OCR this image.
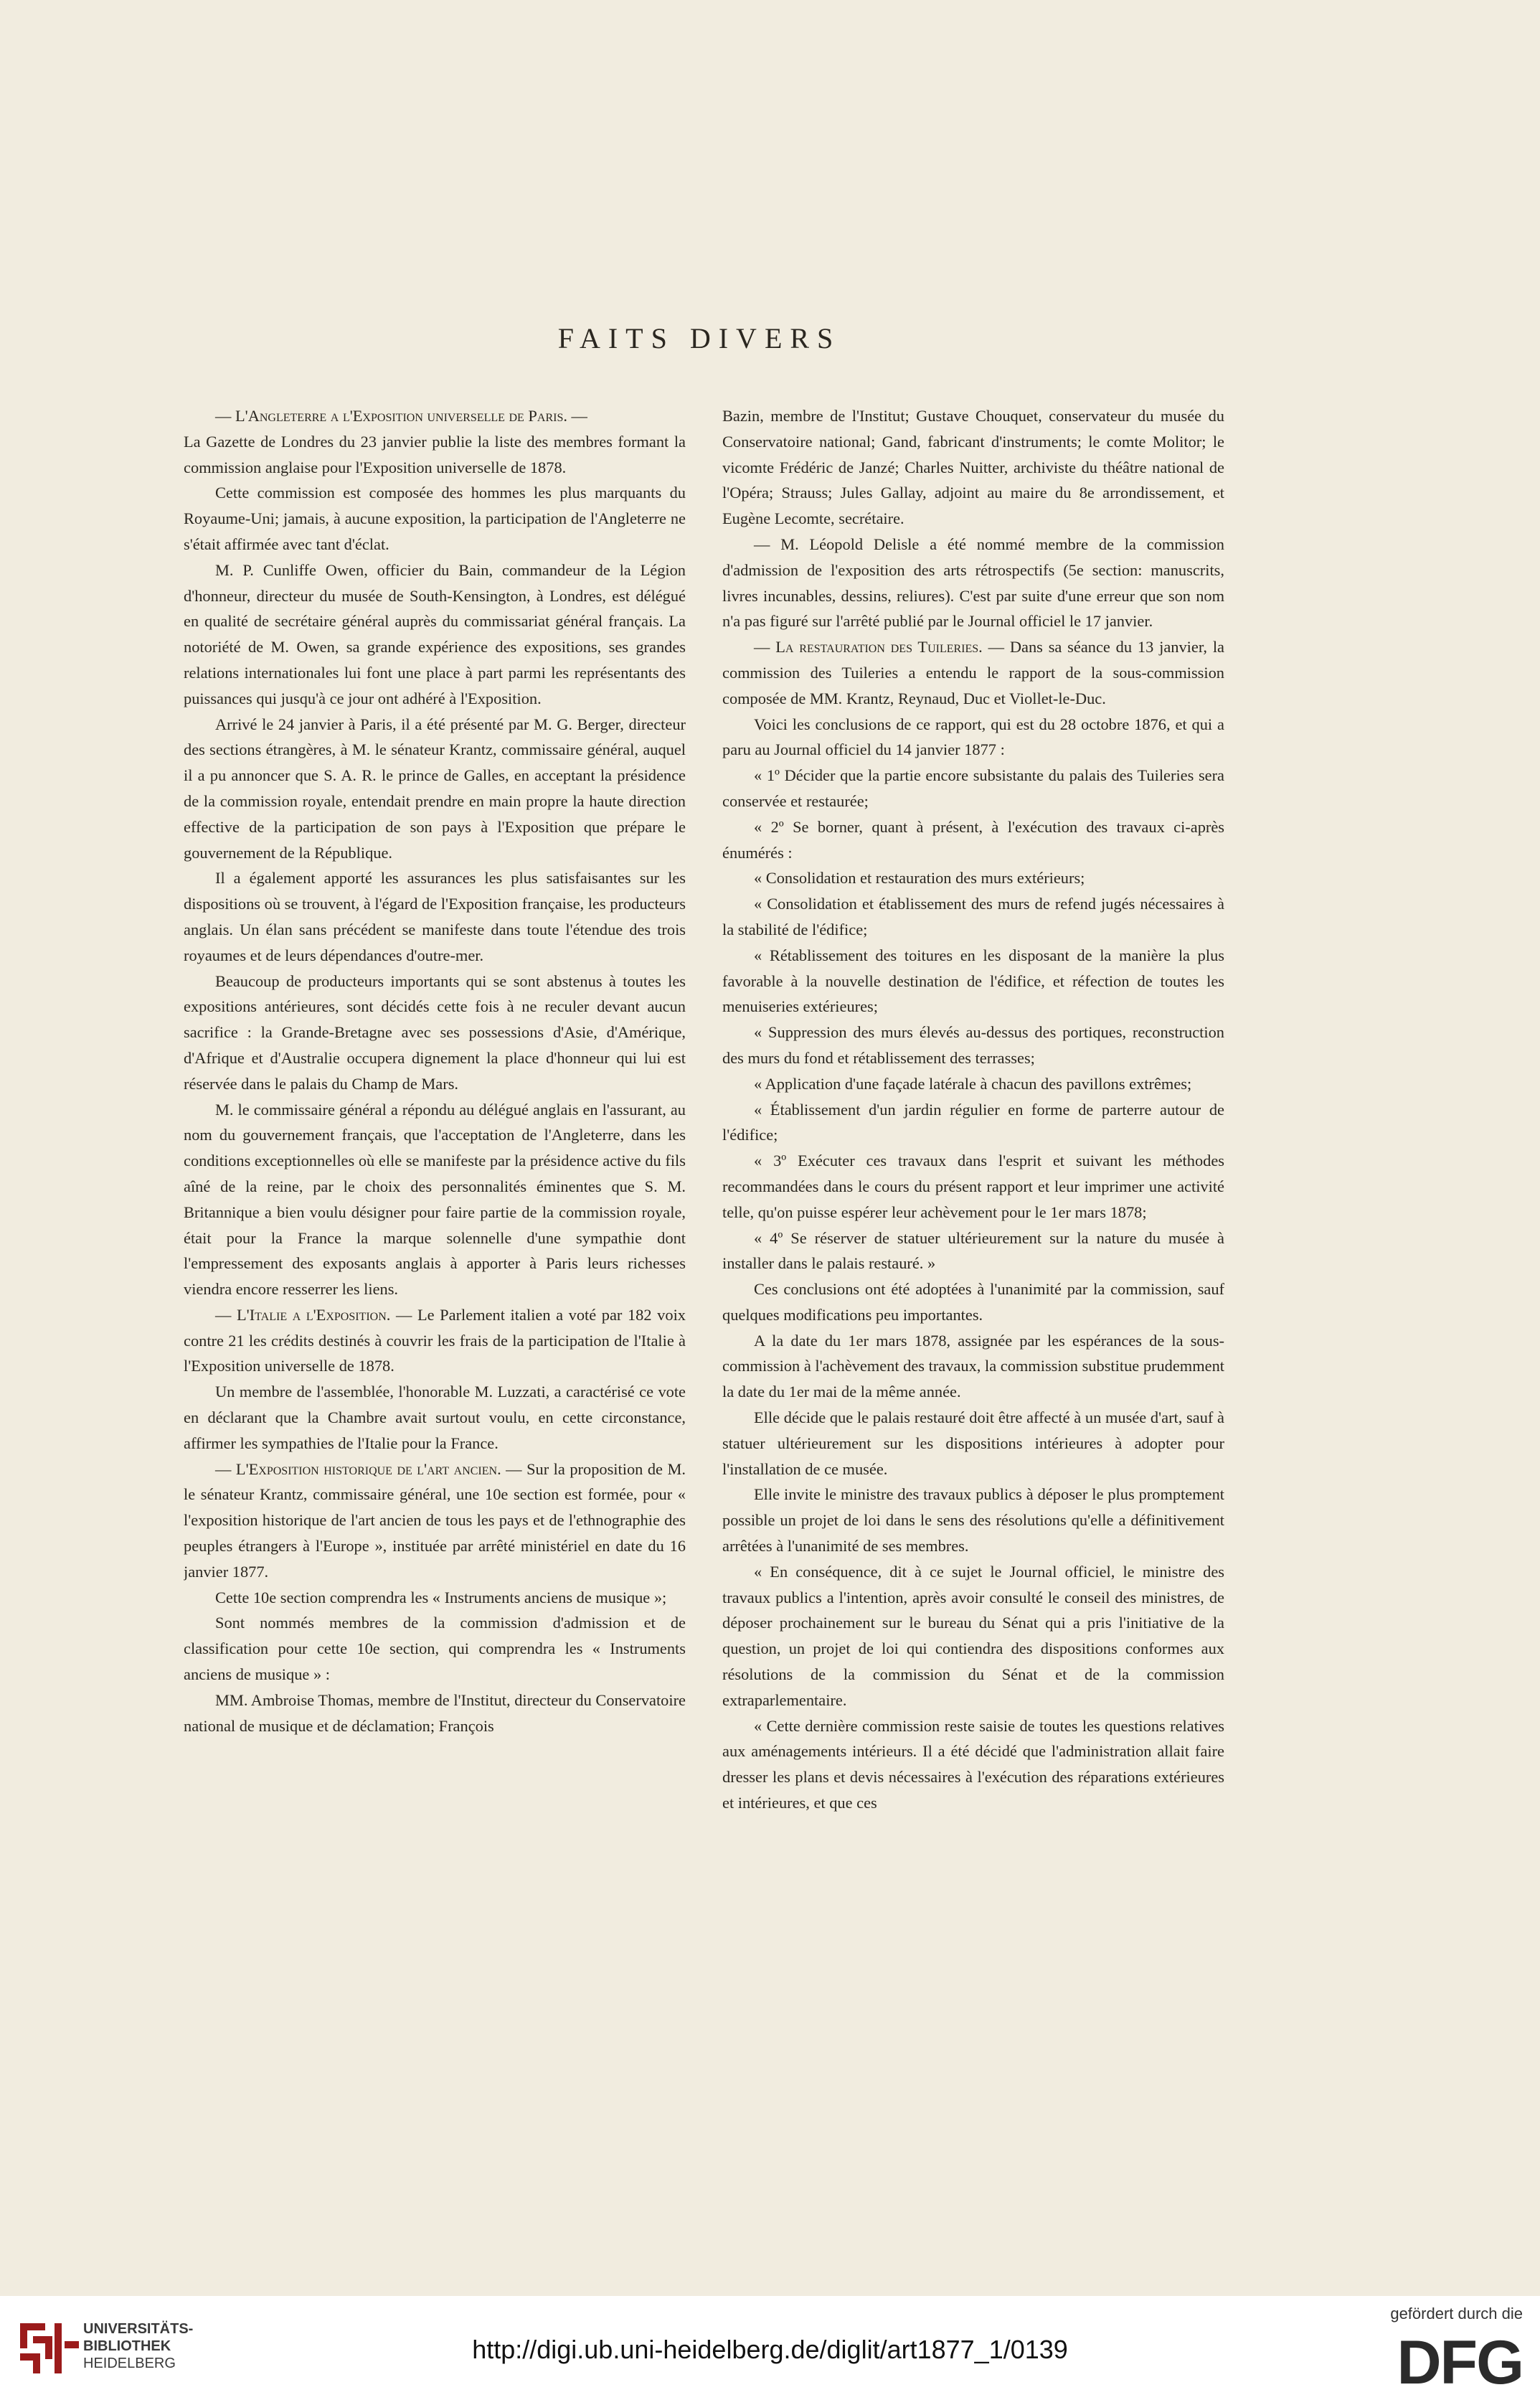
FAITS DIVERS

— L'Angleterre a l'Exposition universelle de Paris. —

La Gazette de Londres du 23 janvier publie la liste des membres formant la commission anglaise pour l'Exposition universelle de 1878.

Cette commission est composée des hommes les plus marquants du Royaume-Uni; jamais, à aucune exposition, la participation de l'Angleterre ne s'était affirmée avec tant d'éclat.

M. P. Cunliffe Owen, officier du Bain, commandeur de la Légion d'honneur, directeur du musée de South-Kensington, à Londres, est délégué en qualité de secrétaire général auprès du commissariat général français. La notoriété de M. Owen, sa grande expérience des expositions, ses grandes relations internationales lui font une place à part parmi les représentants des puissances qui jusqu'à ce jour ont adhéré à l'Exposition.

Arrivé le 24 janvier à Paris, il a été présenté par M. G. Berger, directeur des sections étrangères, à M. le sénateur Krantz, commissaire général, auquel il a pu annoncer que S. A. R. le prince de Galles, en acceptant la présidence de la commission royale, entendait prendre en main propre la haute direction effective de la participation de son pays à l'Exposition que prépare le gouvernement de la République.

Il a également apporté les assurances les plus satisfaisantes sur les dispositions où se trouvent, à l'égard de l'Exposition française, les producteurs anglais. Un élan sans précédent se manifeste dans toute l'étendue des trois royaumes et de leurs dépendances d'outre-mer.

Beaucoup de producteurs importants qui se sont abstenus à toutes les expositions antérieures, sont décidés cette fois à ne reculer devant aucun sacrifice : la Grande-Bretagne avec ses possessions d'Asie, d'Amérique, d'Afrique et d'Australie occupera dignement la place d'honneur qui lui est réservée dans le palais du Champ de Mars.

M. le commissaire général a répondu au délégué anglais en l'assurant, au nom du gouvernement français, que l'acceptation de l'Angleterre, dans les conditions exceptionnelles où elle se manifeste par la présidence active du fils aîné de la reine, par le choix des personnalités éminentes que S. M. Britannique a bien voulu désigner pour faire partie de la commission royale, était pour la France la marque solennelle d'une sympathie dont l'empressement des exposants anglais à apporter à Paris leurs richesses viendra encore resserrer les liens.

— L'Italie a l'Exposition. — Le Parlement italien a voté par 182 voix contre 21 les crédits destinés à couvrir les frais de la participation de l'Italie à l'Exposition universelle de 1878.

Un membre de l'assemblée, l'honorable M. Luzzati, a caractérisé ce vote en déclarant que la Chambre avait surtout voulu, en cette circonstance, affirmer les sympathies de l'Italie pour la France.

— L'Exposition historique de l'art ancien. — Sur la proposition de M. le sénateur Krantz, commissaire général, une 10e section est formée, pour « l'exposition historique de l'art ancien de tous les pays et de l'ethnographie des peuples étrangers à l'Europe », instituée par arrêté ministériel en date du 16 janvier 1877.

Cette 10e section comprendra les « Instruments anciens de musique »;

Sont nommés membres de la commission d'admission et de classification pour cette 10e section, qui comprendra les « Instruments anciens de musique » :

MM. Ambroise Thomas, membre de l'Institut, directeur du Conservatoire national de musique et de déclamation; François

Bazin, membre de l'Institut; Gustave Chouquet, conservateur du musée du Conservatoire national; Gand, fabricant d'instruments; le comte Molitor; le vicomte Frédéric de Janzé; Charles Nuitter, archiviste du théâtre national de l'Opéra; Strauss; Jules Gallay, adjoint au maire du 8e arrondissement, et Eugène Lecomte, secrétaire.

— M. Léopold Delisle a été nommé membre de la commission d'admission de l'exposition des arts rétrospectifs (5e section: manuscrits, livres incunables, dessins, reliures). C'est par suite d'une erreur que son nom n'a pas figuré sur l'arrêté publié par le Journal officiel le 17 janvier.

— La restauration des Tuileries. — Dans sa séance du 13 janvier, la commission des Tuileries a entendu le rapport de la sous-commission composée de MM. Krantz, Reynaud, Duc et Viollet-le-Duc.

Voici les conclusions de ce rapport, qui est du 28 octobre 1876, et qui a paru au Journal officiel du 14 janvier 1877 :

« 1º Décider que la partie encore subsistante du palais des Tuileries sera conservée et restaurée;

« 2º Se borner, quant à présent, à l'exécution des travaux ci-après énumérés :

« Consolidation et restauration des murs extérieurs;

« Consolidation et établissement des murs de refend jugés nécessaires à la stabilité de l'édifice;

« Rétablissement des toitures en les disposant de la manière la plus favorable à la nouvelle destination de l'édifice, et réfection de toutes les menuiseries extérieures;

« Suppression des murs élevés au-dessus des portiques, reconstruction des murs du fond et rétablissement des terrasses;

« Application d'une façade latérale à chacun des pavillons extrêmes;

« Établissement d'un jardin régulier en forme de parterre autour de l'édifice;

« 3º Exécuter ces travaux dans l'esprit et suivant les méthodes recommandées dans le cours du présent rapport et leur imprimer une activité telle, qu'on puisse espérer leur achèvement pour le 1er mars 1878;

« 4º Se réserver de statuer ultérieurement sur la nature du musée à installer dans le palais restauré. »

Ces conclusions ont été adoptées à l'unanimité par la commission, sauf quelques modifications peu importantes.

A la date du 1er mars 1878, assignée par les espérances de la sous-commission à l'achèvement des travaux, la commission substitue prudemment la date du 1er mai de la même année.

Elle décide que le palais restauré doit être affecté à un musée d'art, sauf à statuer ultérieurement sur les dispositions intérieures à adopter pour l'installation de ce musée.

Elle invite le ministre des travaux publics à déposer le plus promptement possible un projet de loi dans le sens des résolutions qu'elle a définitivement arrêtées à l'unanimité de ses membres.

« En conséquence, dit à ce sujet le Journal officiel, le ministre des travaux publics a l'intention, après avoir consulté le conseil des ministres, de déposer prochainement sur le bureau du Sénat qui a pris l'initiative de la question, un projet de loi qui contiendra des dispositions conformes aux résolutions de la commission du Sénat et de la commission extraparlementaire.

« Cette dernière commission reste saisie de toutes les questions relatives aux aménagements intérieurs. Il a été décidé que l'administration allait faire dresser les plans et devis nécessaires à l'exécution des réparations extérieures et intérieures, et que ces

UNIVERSITÄTS-
BIBLIOTHEK
HEIDELBERG	http://digi.ub.uni-heidelberg.de/diglit/art1877_1/0139
gefördert durch die
DFG
